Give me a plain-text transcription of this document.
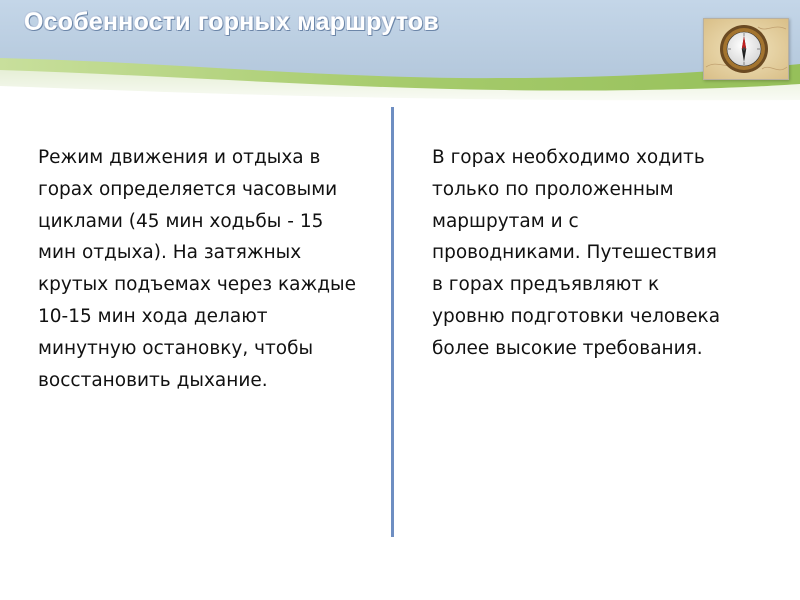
Особенности горных маршрутов

Режим движения и отдыха в горах определяется часовыми циклами (45 мин ходьбы - 15 мин отдыха). На затяжных крутых подъемах через каждые 10-15 мин хода делают минутную остановку, чтобы восстановить дыхание.

В горах необходимо ходить только по проложенным маршрутам и с проводниками. Путешествия в горах предъявляют к уровню подготовки человека более высокие требования.
